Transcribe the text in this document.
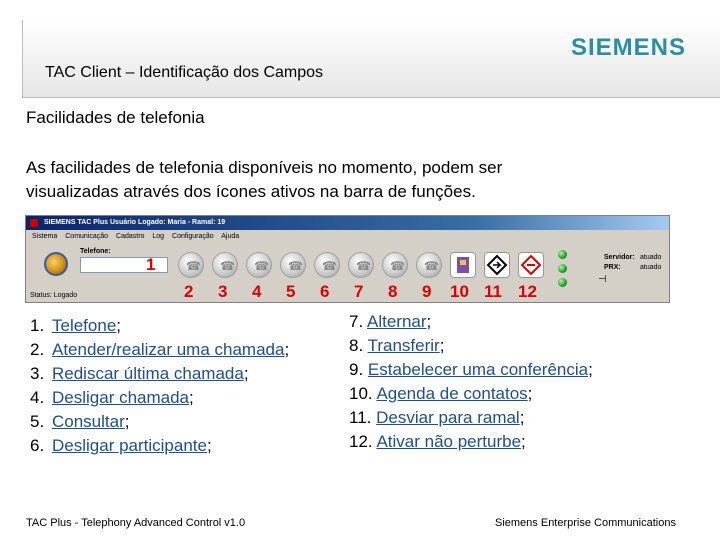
SIEMENS
TAC Client – Identificação dos Campos
Facilidades de telefonia
As facilidades de telefonia disponíveis no momento, podem ser
visualizadas através dos ícones ativos na barra de funções.
SIEMENS TAC Plus Usuário Logado: Maria - Ramal: 19
Sistema Comunicação Cadastro Log Configuração Ajuda
Telefone:
1	☎ ☎ ☎ ☎ ☎ ☎ ☎ ☎
⊣
Servidor: atuado
PRX:	atuado
Status: Logado	2 3 4 5 6 7 8 9 10 11 12
1. Telefone;
2. Atender/realizar uma chamada;
3. Rediscar última chamada;
4. Desligar chamada;
5. Consultar;
6. Desligar participante;
7. Alternar;
8. Transferir;
9. Estabelecer uma conferência;
10. Agenda de contatos;
11. Desviar para ramal;
12. Ativar não perturbe;
TAC Plus - Telephony Advanced Control v1.0	Siemens Enterprise Communications
